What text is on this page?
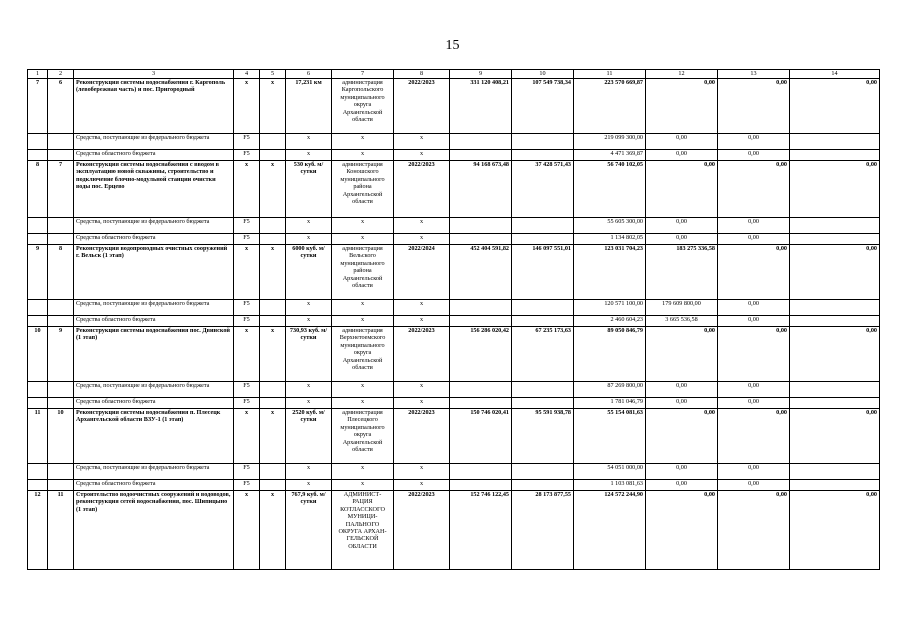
15
1	2	3	4	5	6	7	8	9	10	11	12	13	14
7	6	Реконструкция системы водоснабжения г. Каргополь (левобережная часть) и пос. Пригородный	х	х	17,231 км	администрация Каргопольского муниципального округа Архангельской области	2022/2023	331 120 408,21	107 549 738,34	223 570 669,87	0,00	0,00	0,00
		Средства, поступающие из федерального бюджета	F5		х	х	х			219 099 300,00	0,00	0,00	
		Средства областного бюджета	F5		х	х	х			4 471 369,87	0,00	0,00	
8	7	Реконструкция системы водоснабжения с вводом в эксплуатацию новой скважины, строительство и подключение блочно-модульной станции очистки воды пос. Ерцево	х	х	530 куб. м/ сутки	администрация Коношского муниципального района Архангельской области	2022/2023	94 168 673,48	37 428 571,43	56 740 102,05	0,00	0,00	0,00
		Средства, поступающие из федерального бюджета	F5		х	х	х			55 605 300,00	0,00	0,00	
		Средства областного бюджета	F5		х	х	х			1 134 802,05	0,00	0,00	
9	8	Реконструкция водопроводных очистных сооружений г. Вельск (1 этап)	х	х	6000 куб. м/ сутки	администрация Вельского муниципального района Архангельской области	2022/2024	452 404 591,82	146 097 551,01	123 031 704,23	183 275 336,58	0,00	0,00
		Средства, поступающие из федерального бюджета	F5		х	х	х			120 571 100,00	179 609 800,00	0,00	
		Средства областного бюджета	F5		х	х	х			2 460 604,23	3 665 536,58	0,00	
10	9	Реконструкция системы водоснабжения пос. Двинской (1 этап)	х	х	730,93 куб. м/сутки	администрация Верхнетоемского муниципального округа Архангельской области	2022/2023	156 286 020,42	67 235 173,63	89 050 846,79	0,00	0,00	0,00
		Средства, поступающие из федерального бюджета	F5		х	х	х			87 269 800,00	0,00	0,00	
		Средства областного бюджета	F5		х	х	х			1 781 046,79	0,00	0,00	
11	10	Реконструкция системы водоснабжения п. Плесецк Архангельской области ВЗУ-1 (1 этап)	х	х	2520 куб. м/ сутки	администрация Плесецкого муниципального округа Архангельской области	2022/2023	150 746 020,41	95 591 938,78	55 154 081,63	0,00	0,00	0,00
		Средства, поступающие из федерального бюджета	F5		х	х	х			54 051 000,00	0,00	0,00	
		Средства областного бюджета	F5		х	х	х			1 103 081,63	0,00	0,00	
12	11	Строительство водоочистных сооружений и водоводов, реконструкция сетей водоснабжения, пос. Шипицыно (1 этап)	х	х	767,9 куб. м/ сутки	АДМИНИСТ-РАЦИЯ КОТЛАССКОГО МУНИЦИ-ПАЛЬНОГО ОКРУГА АРХАН-ГЕЛЬСКОЙ ОБЛАСТИ	2022/2023	152 746 122,45	28 173 877,55	124 572 244,90	0,00	0,00	0,00
